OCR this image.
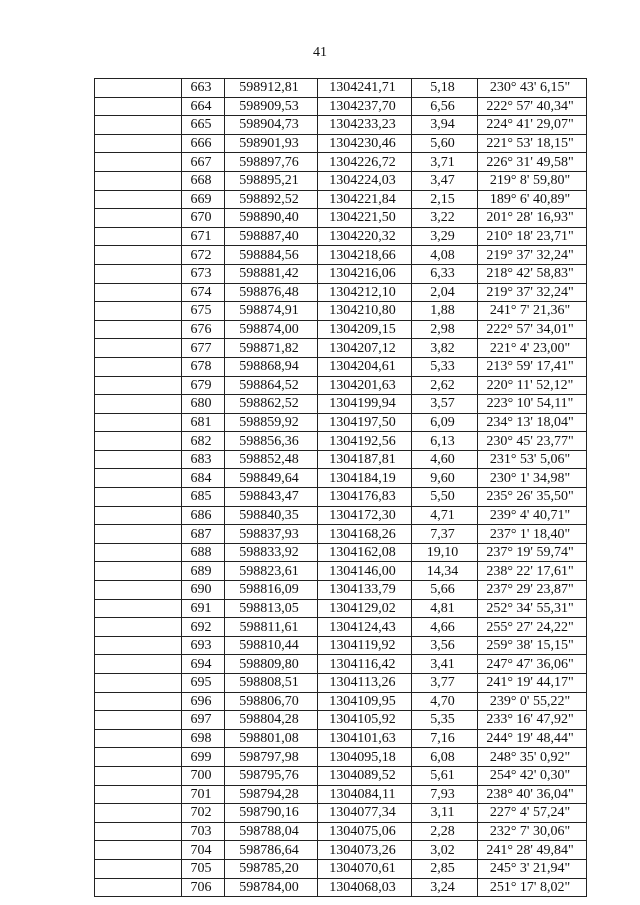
41
	663	598912,81	1304241,71	5,18	230° 43' 6,15"
	664	598909,53	1304237,70	6,56	222° 57' 40,34"
	665	598904,73	1304233,23	3,94	224° 41' 29,07"
	666	598901,93	1304230,46	5,60	221° 53' 18,15"
	667	598897,76	1304226,72	3,71	226° 31' 49,58"
	668	598895,21	1304224,03	3,47	219° 8' 59,80"
	669	598892,52	1304221,84	2,15	189° 6' 40,89"
	670	598890,40	1304221,50	3,22	201° 28' 16,93"
	671	598887,40	1304220,32	3,29	210° 18' 23,71"
	672	598884,56	1304218,66	4,08	219° 37' 32,24"
	673	598881,42	1304216,06	6,33	218° 42' 58,83"
	674	598876,48	1304212,10	2,04	219° 37' 32,24"
	675	598874,91	1304210,80	1,88	241° 7' 21,36"
	676	598874,00	1304209,15	2,98	222° 57' 34,01"
	677	598871,82	1304207,12	3,82	221° 4' 23,00"
	678	598868,94	1304204,61	5,33	213° 59' 17,41"
	679	598864,52	1304201,63	2,62	220° 11' 52,12"
	680	598862,52	1304199,94	3,57	223° 10' 54,11"
	681	598859,92	1304197,50	6,09	234° 13' 18,04"
	682	598856,36	1304192,56	6,13	230° 45' 23,77"
	683	598852,48	1304187,81	4,60	231° 53' 5,06"
	684	598849,64	1304184,19	9,60	230° 1' 34,98"
	685	598843,47	1304176,83	5,50	235° 26' 35,50"
	686	598840,35	1304172,30	4,71	239° 4' 40,71"
	687	598837,93	1304168,26	7,37	237° 1' 18,40"
	688	598833,92	1304162,08	19,10	237° 19' 59,74"
	689	598823,61	1304146,00	14,34	238° 22' 17,61"
	690	598816,09	1304133,79	5,66	237° 29' 23,87"
	691	598813,05	1304129,02	4,81	252° 34' 55,31"
	692	598811,61	1304124,43	4,66	255° 27' 24,22"
	693	598810,44	1304119,92	3,56	259° 38' 15,15"
	694	598809,80	1304116,42	3,41	247° 47' 36,06"
	695	598808,51	1304113,26	3,77	241° 19' 44,17"
	696	598806,70	1304109,95	4,70	239° 0' 55,22"
	697	598804,28	1304105,92	5,35	233° 16' 47,92"
	698	598801,08	1304101,63	7,16	244° 19' 48,44"
	699	598797,98	1304095,18	6,08	248° 35' 0,92"
	700	598795,76	1304089,52	5,61	254° 42' 0,30"
	701	598794,28	1304084,11	7,93	238° 40' 36,04"
	702	598790,16	1304077,34	3,11	227° 4' 57,24"
	703	598788,04	1304075,06	2,28	232° 7' 30,06"
	704	598786,64	1304073,26	3,02	241° 28' 49,84"
	705	598785,20	1304070,61	2,85	245° 3' 21,94"
	706	598784,00	1304068,03	3,24	251° 17' 8,02"
